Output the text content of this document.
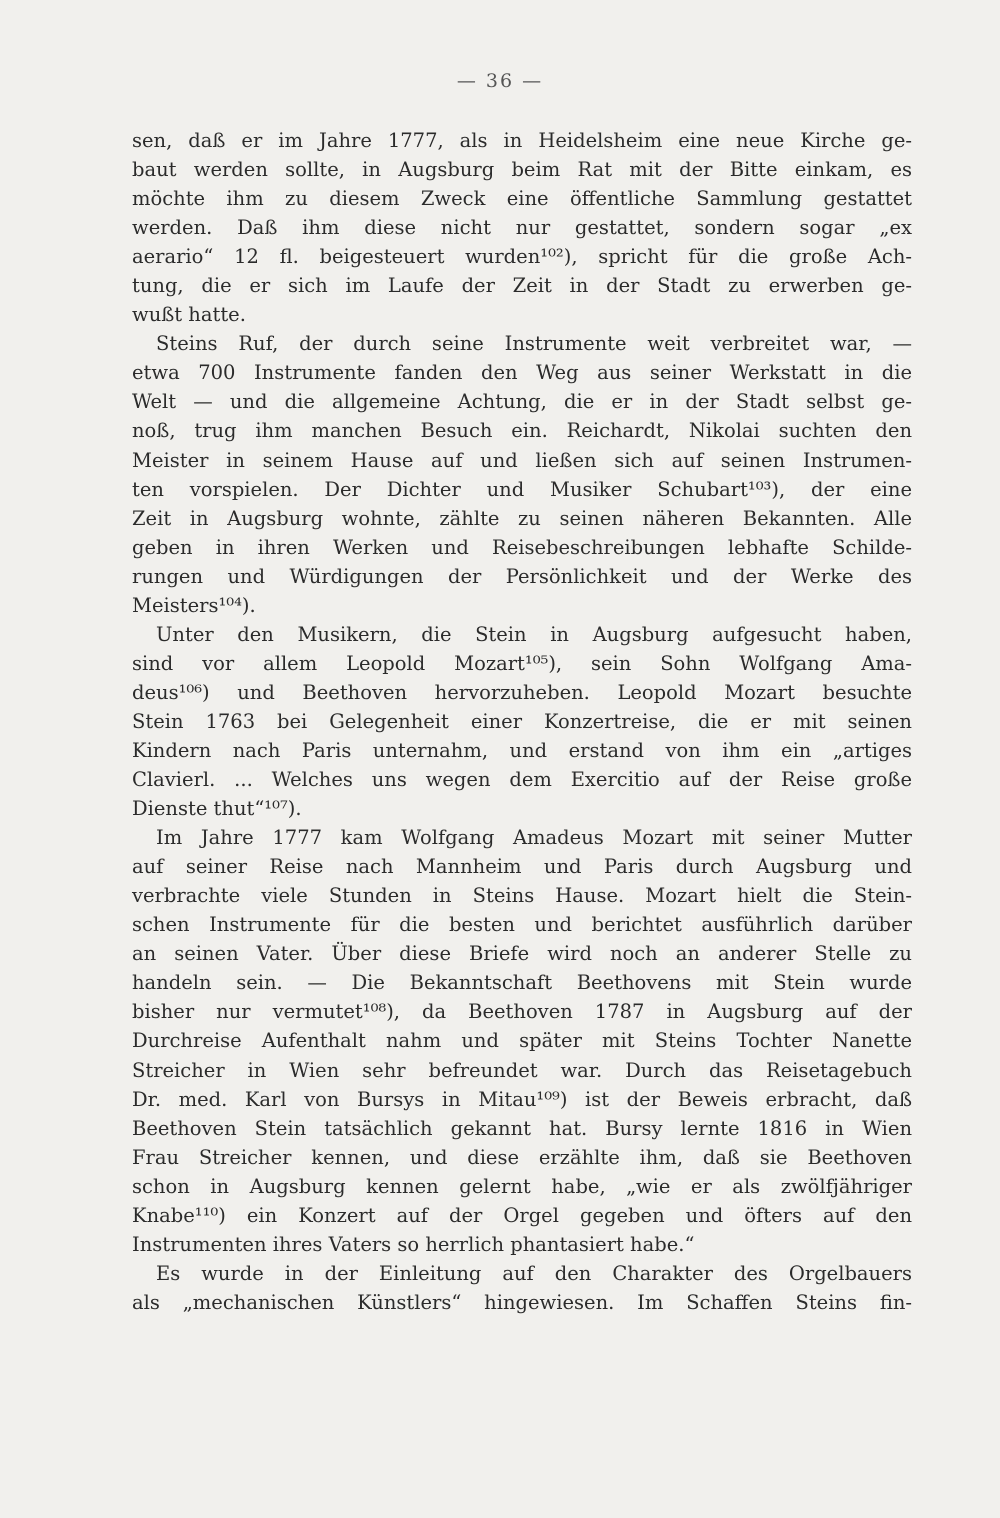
— 36 —
sen, daß er im Jahre 1777, als in Heidelsheim eine neue Kirche ge-
baut werden sollte, in Augsburg beim Rat mit der Bitte einkam, es
möchte ihm zu diesem Zweck eine öffentliche Sammlung gestattet
werden. Daß ihm diese nicht nur gestattet, sondern sogar „ex
aerario“ 12 fl. beigesteuert wurden¹⁰²), spricht für die große Ach-
tung, die er sich im Laufe der Zeit in der Stadt zu erwerben ge-
wußt hatte.
Steins Ruf, der durch seine Instrumente weit verbreitet war, —
etwa 700 Instrumente fanden den Weg aus seiner Werkstatt in die
Welt — und die allgemeine Achtung, die er in der Stadt selbst ge-
noß, trug ihm manchen Besuch ein. Reichardt, Nikolai suchten den
Meister in seinem Hause auf und ließen sich auf seinen Instrumen-
ten vorspielen. Der Dichter und Musiker Schubart¹⁰³), der eine
Zeit in Augsburg wohnte, zählte zu seinen näheren Bekannten. Alle
geben in ihren Werken und Reisebeschreibungen lebhafte Schilde-
rungen und Würdigungen der Persönlichkeit und der Werke des
Meisters¹⁰⁴).
Unter den Musikern, die Stein in Augsburg aufgesucht haben,
sind vor allem Leopold Mozart¹⁰⁵), sein Sohn Wolfgang Ama-
deus¹⁰⁶) und Beethoven hervorzuheben. Leopold Mozart besuchte
Stein 1763 bei Gelegenheit einer Konzertreise, die er mit seinen
Kindern nach Paris unternahm, und erstand von ihm ein „artiges
Clavierl. ... Welches uns wegen dem Exercitio auf der Reise große
Dienste thut“¹⁰⁷).
Im Jahre 1777 kam Wolfgang Amadeus Mozart mit seiner Mutter
auf seiner Reise nach Mannheim und Paris durch Augsburg und
verbrachte viele Stunden in Steins Hause. Mozart hielt die Stein-
schen Instrumente für die besten und berichtet ausführlich darüber
an seinen Vater. Über diese Briefe wird noch an anderer Stelle zu
handeln sein. — Die Bekanntschaft Beethovens mit Stein wurde
bisher nur vermutet¹⁰⁸), da Beethoven 1787 in Augsburg auf der
Durchreise Aufenthalt nahm und später mit Steins Tochter Nanette
Streicher in Wien sehr befreundet war. Durch das Reisetagebuch
Dr. med. Karl von Bursys in Mitau¹⁰⁹) ist der Beweis erbracht, daß
Beethoven Stein tatsächlich gekannt hat. Bursy lernte 1816 in Wien
Frau Streicher kennen, und diese erzählte ihm, daß sie Beethoven
schon in Augsburg kennen gelernt habe, „wie er als zwölfjähriger
Knabe¹¹⁰) ein Konzert auf der Orgel gegeben und öfters auf den
Instrumenten ihres Vaters so herrlich phantasiert habe.“
Es wurde in der Einleitung auf den Charakter des Orgelbauers
als „mechanischen Künstlers“ hingewiesen. Im Schaffen Steins fin-
